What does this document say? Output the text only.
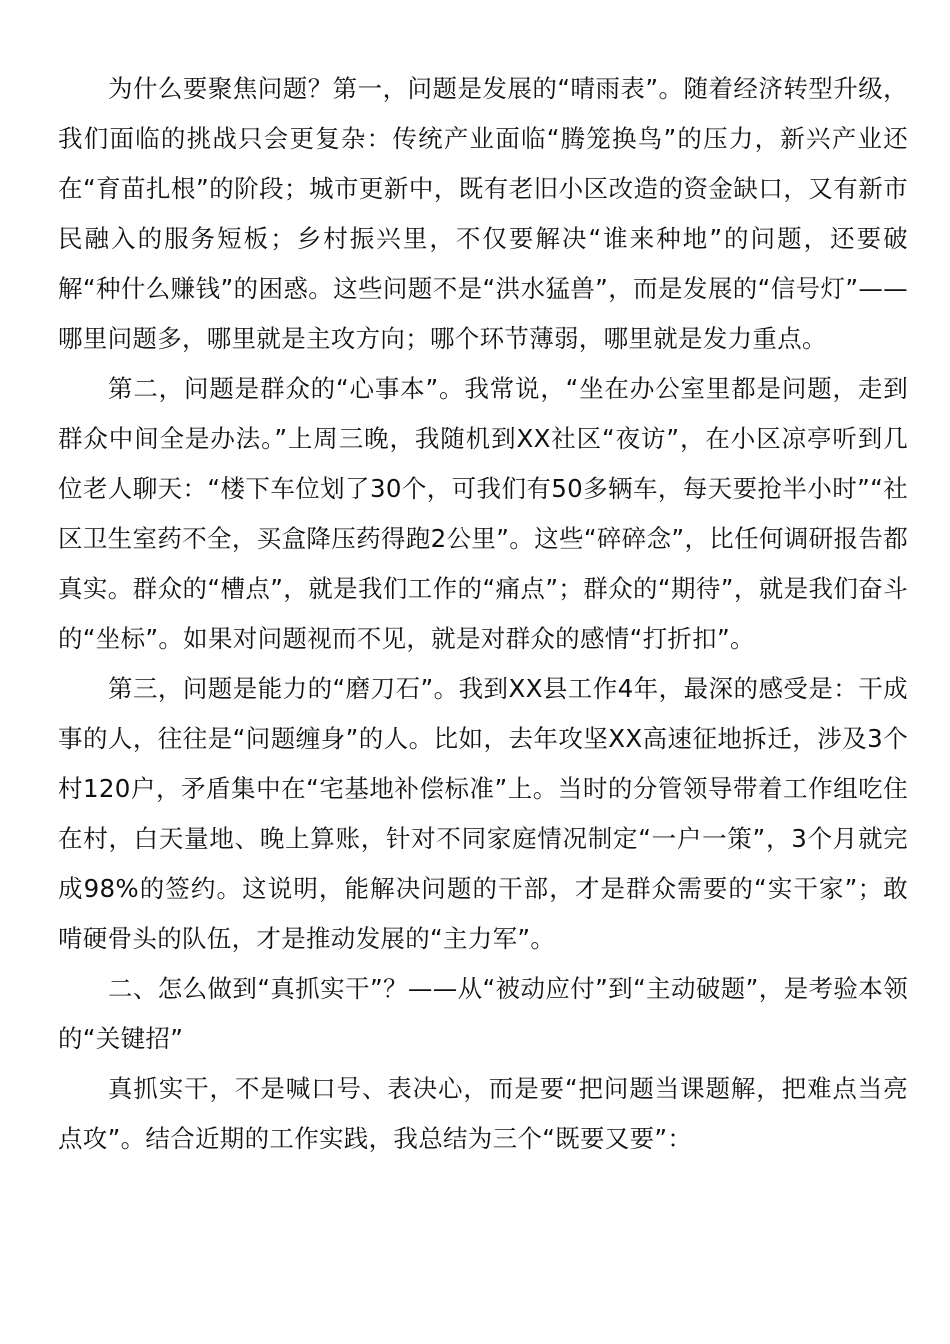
为什么要聚焦问题？第一，问题是发展的“晴雨表”。随着经济转型升级，我们面临的挑战只会更复杂：传统产业面临“腾笼换鸟”的压力，新兴产业还在“育苗扎根”的阶段；城市更新中，既有老旧小区改造的资金缺口，又有新市民融入的服务短板；乡村振兴里，不仅要解决“谁来种地”的问题，还要破解“种什么赚钱”的困惑。这些问题不是“洪水猛兽”，而是发展的“信号灯”——哪里问题多，哪里就是主攻方向；哪个环节薄弱，哪里就是发力重点。

第二，问题是群众的“心事本”。我常说，“坐在办公室里都是问题，走到群众中间全是办法。”上周三晚，我随机到XX社区“夜访”，在小区凉亭听到几位老人聊天：“楼下车位划了30个，可我们有50多辆车，每天要抢半小时”“社区卫生室药不全，买盒降压药得跑2公里”。这些“碎碎念”，比任何调研报告都真实。群众的“槽点”，就是我们工作的“痛点”；群众的“期待”，就是我们奋斗的“坐标”。如果对问题视而不见，就是对群众的感情“打折扣”。

第三，问题是能力的“磨刀石”。我到XX县工作4年，最深的感受是：干成事的人，往往是“问题缠身”的人。比如，去年攻坚XX高速征地拆迁，涉及3个村120户，矛盾集中在“宅基地补偿标准”上。当时的分管领导带着工作组吃住在村，白天量地、晚上算账，针对不同家庭情况制定“一户一策”，3个月就完成98%的签约。这说明，能解决问题的干部，才是群众需要的“实干家”；敢啃硬骨头的队伍，才是推动发展的“主力军”。

二、怎么做到“真抓实干”？——从“被动应付”到“主动破题”，是考验本领的“关键招”

真抓实干，不是喊口号、表决心，而是要“把问题当课题解，把难点当亮点攻”。结合近期的工作实践，我总结为三个“既要又要”：
